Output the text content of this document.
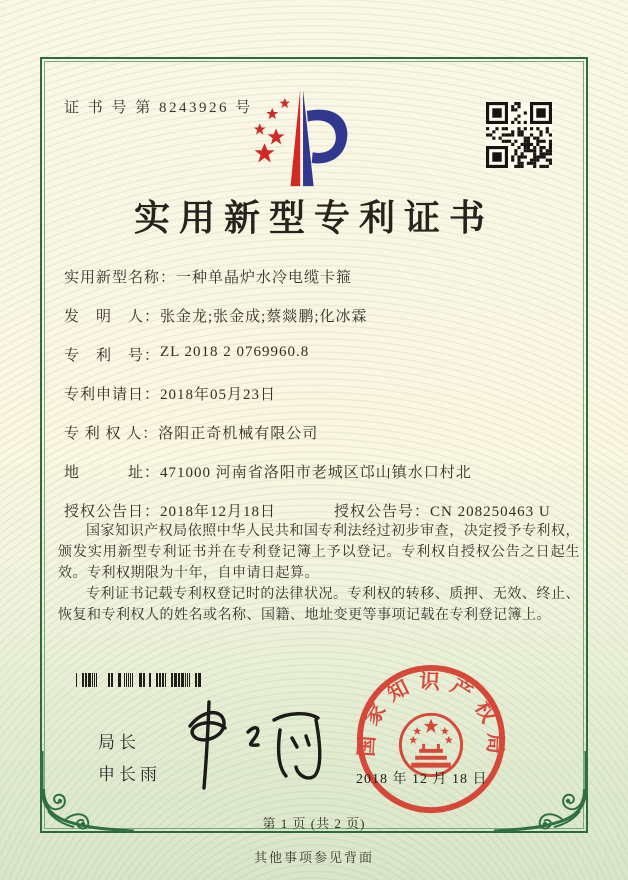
证 书 号 第 8243926 号
实用新型专利证书
实用新型名称： 一种单晶炉水冷电缆卡箍
发　明　人： 张金龙;张金成;蔡燚鹏;化冰霖
专　利　号： ZL 2018 2 0769960.8
专利申请日： 2018年05月23日
专 利 权 人： 洛阳正奇机械有限公司
地　　　址： 471000 河南省洛阳市老城区邙山镇水口村北
授权公告日：2018年12月18日	授权公告号：CN 208250463 U

国家知识产权局依照中华人民共和国专利法经过初步审查，决定授予专利权，颁发实用新型专利证书并在专利登记簿上予以登记。专利权自授权公告之日起生效。专利权期限为十年，自申请日起算。

专利证书记载专利权登记时的法律状况。专利权的转移、质押、无效、终止、恢复和专利权人的姓名或名称、国籍、地址变更等事项记载在专利登记簿上。

局长
申长雨
国家知识产权局
2018 年 12 月 18 日
第 1 页 (共 2 页)
其他事项参见背面
